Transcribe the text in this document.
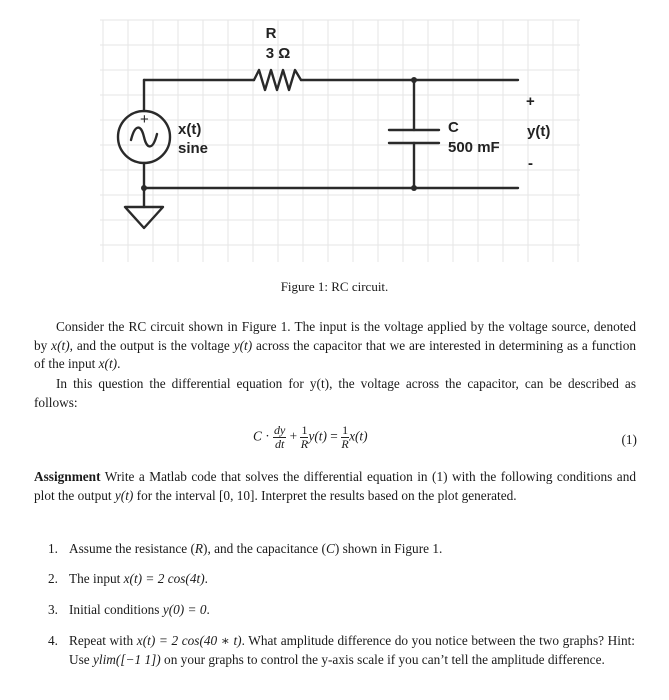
+
R
3 Ω
x(t)
sine
C
500 mF
+
y(t)
-
Figure 1: RC circuit.

Consider the RC circuit shown in Figure 1. The input is the voltage applied by the voltage source, denoted by x(t), and the output is the voltage y(t) across the capacitor that we are interested in determining as a function of the input x(t).

In this question the differential equation for y(t), the voltage across the capacitor, can be described as follows:

$C \cdot \frac{dy}{dt} + \frac{1}{R} y(t) = \frac{1}{R} x(t)$	(1)

Assignment Write a Matlab code that solves the differential equation in (1) with the following conditions and plot the output y(t) for the interval [0, 10]. Interpret the results based on the plot generated.

1. Assume the resistance (R), and the capacitance (C) shown in Figure 1.
2. The input x(t) = 2 cos(4t).
3. Initial conditions y(0) = 0.
4. Repeat with x(t) = 2 cos(40 ∗ t). What amplitude difference do you notice between the two graphs? Hint: Use ylim([−1 1]) on your graphs to control the y-axis scale if you can’t tell the amplitude difference.
